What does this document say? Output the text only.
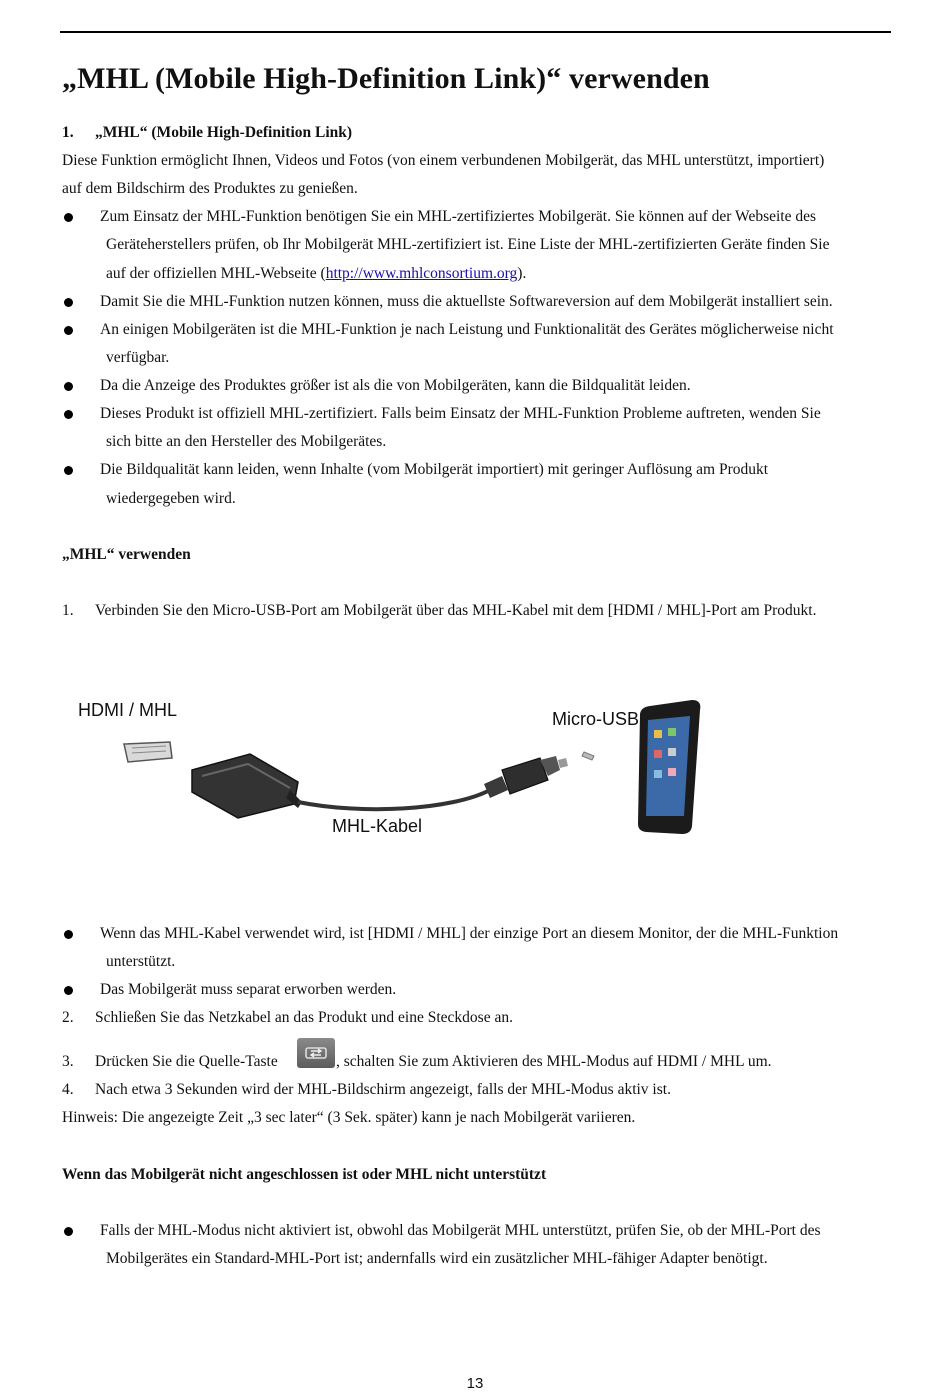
„MHL (Mobile High-Definition Link)“ verwenden
1. „MHL“ (Mobile High-Definition Link)
Diese Funktion ermöglicht Ihnen, Videos und Fotos (von einem verbundenen Mobilgerät, das MHL unterstützt, importiert)
auf dem Bildschirm des Produktes zu genießen.
Zum Einsatz der MHL-Funktion benötigen Sie ein MHL-zertifiziertes Mobilgerät. Sie können auf der Webseite des
Geräteherstellers prüfen, ob Ihr Mobilgerät MHL-zertifiziert ist. Eine Liste der MHL-zertifizierten Geräte finden Sie
auf der offiziellen MHL-Webseite (http://www.mhlconsortium.org).
Damit Sie die MHL-Funktion nutzen können, muss die aktuellste Softwareversion auf dem Mobilgerät installiert sein.
An einigen Mobilgeräten ist die MHL-Funktion je nach Leistung und Funktionalität des Gerätes möglicherweise nicht
verfügbar.
Da die Anzeige des Produktes größer ist als die von Mobilgeräten, kann die Bildqualität leiden.
Dieses Produkt ist offiziell MHL-zertifiziert. Falls beim Einsatz der MHL-Funktion Probleme auftreten, wenden Sie
sich bitte an den Hersteller des Mobilgerätes.
Die Bildqualität kann leiden, wenn Inhalte (vom Mobilgerät importiert) mit geringer Auflösung am Produkt
wiedergegeben wird.
„MHL“ verwenden
1. Verbinden Sie den Micro-USB-Port am Mobilgerät über das MHL-Kabel mit dem [HDMI / MHL]-Port am Produkt.
HDMI / MHL	Micro-USB
MHL-Kabel
Wenn das MHL-Kabel verwendet wird, ist [HDMI / MHL] der einzige Port an diesem Monitor, der die MHL-Funktion
unterstützt.
Das Mobilgerät muss separat erworben werden.
2. Schließen Sie das Netzkabel an das Produkt und eine Steckdose an.
3. Drücken Sie die Quelle-Taste	, schalten Sie zum Aktivieren des MHL-Modus auf HDMI / MHL um.
4. Nach etwa 3 Sekunden wird der MHL-Bildschirm angezeigt, falls der MHL-Modus aktiv ist.
Hinweis: Die angezeigte Zeit „3 sec later“ (3 Sek. später) kann je nach Mobilgerät variieren.
Wenn das Mobilgerät nicht angeschlossen ist oder MHL nicht unterstützt
Falls der MHL-Modus nicht aktiviert ist, obwohl das Mobilgerät MHL unterstützt, prüfen Sie, ob der MHL-Port des
Mobilgerätes ein Standard-MHL-Port ist; andernfalls wird ein zusätzlicher MHL-fähiger Adapter benötigt.
13
